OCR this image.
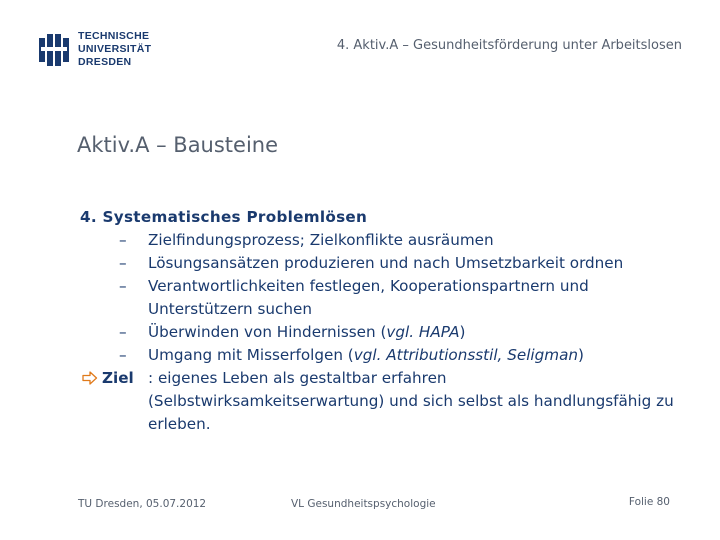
TECHNISCHE
UNIVERSITÄT
DRESDEN
4. Aktiv.A – Gesundheitsförderung unter Arbeitslosen
Aktiv.A – Bausteine
4. Systematisches Problemlösen
– Zielfindungsprozess; Zielkonflikte ausräumen
– Lösungsansätzen produzieren und nach Umsetzbarkeit ordnen
– Verantwortlichkeiten festlegen, Kooperationspartnern und Unterstützern suchen
– Überwinden von Hindernissen (vgl. HAPA)
– Umgang mit Misserfolgen (vgl. Attributionsstil, Seligman)
Ziel : eigenes Leben als gestaltbar erfahren (Selbstwirksamkeitserwartung) und sich selbst als handlungsfähig zu erleben.
TU Dresden, 05.07.2012	VL Gesundheitspsychologie	Folie 80
